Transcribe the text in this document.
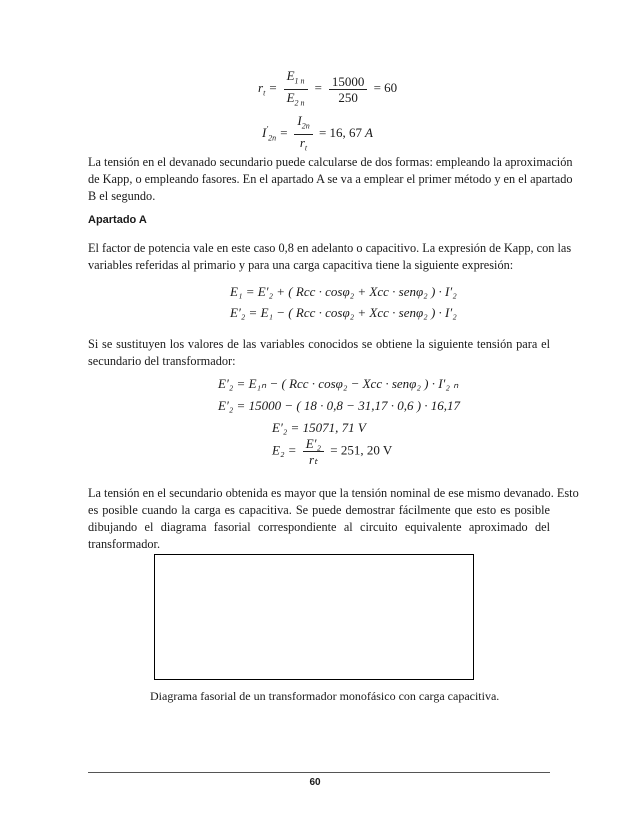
$r_t = \frac{E_{1 n}}{E_{2 n}} = \frac{15000}{250} = 60$
$I'_{2n} = \frac{I_{2n}}{r_t} = 16$, 67 A
La tensión en el devanado secundario puede calcularse de dos formas: empleando la aproximación
de Kapp, o empleando fasores. En el apartado A se va a emplear el primer método y en el apartado
B el segundo.
Apartado A
El factor de potencia vale en este caso 0,8 en adelanto o capacitivo. La expresión de Kapp, con las
variables referidas al primario y para una carga capacitiva tiene la siguiente expresión:
E₁ = E′₂ + ( Rcc · cosφ₂ + Xcc · senφ₂ ) · I′₂
E′₂ = E₁ − ( Rcc · cosφ₂ + Xcc · senφ₂ ) · I′₂
Si se sustituyen los valores de las variables conocidos se obtiene la siguiente tensión para el
secundario del transformador:
E′₂ = E₁ₙ − ( Rcc · cosφ₂ − Xcc · senφ₂ ) · I′₂ ₙ
E′₂ = 15000 − ( 18 · 0,8 − 31,17 · 0,6 ) · 16,17
E′₂ = 15071, 71 V
$E_2 = \frac{\text{E′₂}}{\text{rₜ}} = 251$, 20 V
La tensión en el secundario obtenida es mayor que la tensión nominal de ese mismo devanado. Esto
es posible cuando la carga es capacitiva. Se puede demostrar fácilmente que esto es posible
dibujando el diagrama fasorial correspondiente al circuito equivalente aproximado del
transformador.
Diagrama fasorial de un transformador monofásico con carga capacitiva.
60
